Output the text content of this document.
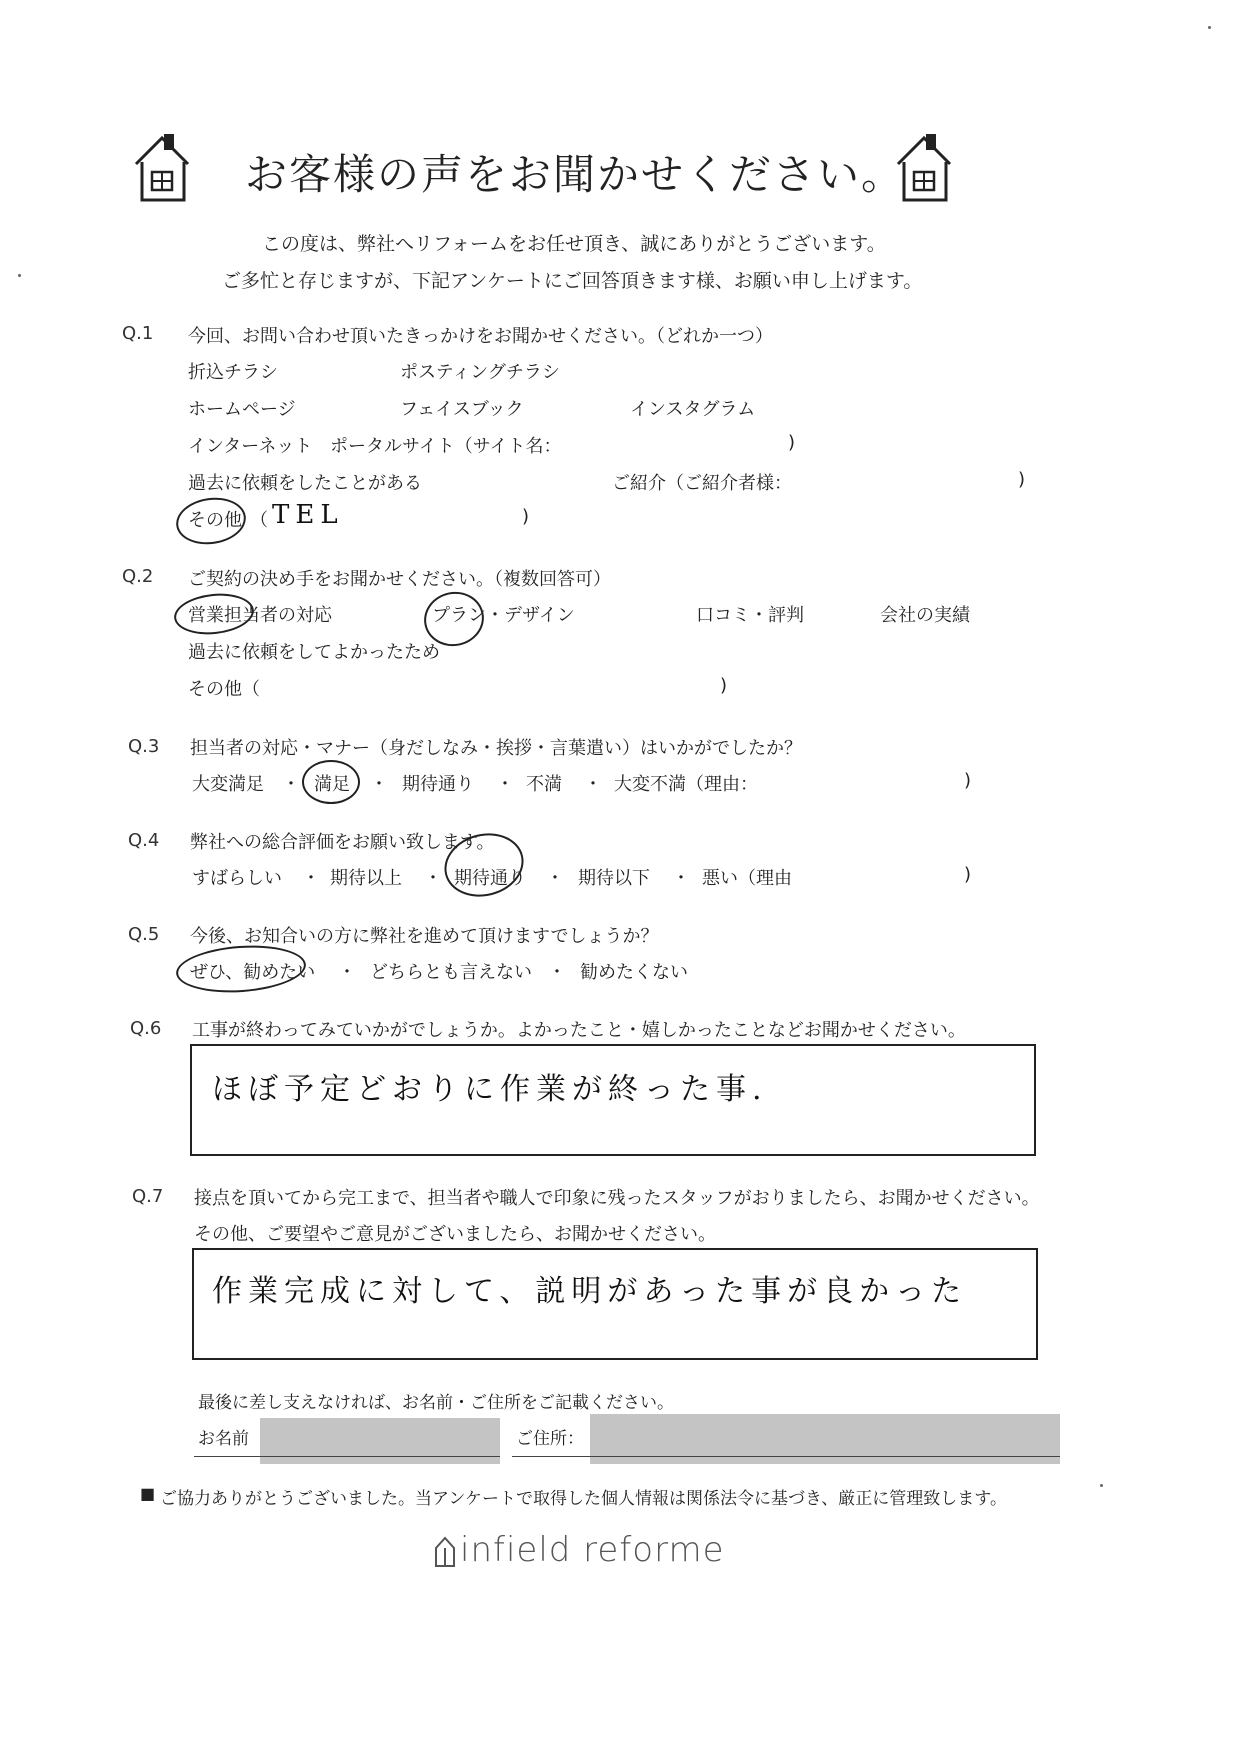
お客様の声をお聞かせください。
この度は、弊社へリフォームをお任せ頂き、誠にありがとうございます。
ご多忙と存じますが、下記アンケートにご回答頂きます様、お願い申し上げます。
Q.1 今回、お問い合わせ頂いたきっかけをお聞かせください。（どれか一つ）
折込チラシ	ポスティングチラシ
ホームページ	フェイスブック	インスタグラム
インターネット ポータルサイト（サイト名：	)
過去に依頼をしたことがある	ご紹介（ご紹介者様：	)
その他 （ TEL	)
Q.2 ご契約の決め手をお聞かせください。（複数回答可）
営業担当者の対応	プラン・デザイン	口コミ・評判	会社の実績
過去に依頼をしてよかったため
その他（	)
Q.3 担当者の対応・マナー（身だしなみ・挨拶・言葉遣い）はいかがでしたか？
大変満足 ・ 満足 ・ 期待通り ・ 不満 ・ 大変不満（理由：	)
Q.4 弊社への総合評価をお願い致します。
すばらしい ・ 期待以上 ・ 期待通り ・ 期待以下 ・ 悪い（理由	)
Q.5 今後、お知合いの方に弊社を進めて頂けますでしょうか？
ぜひ、勧めたい ・ どちらとも言えない ・ 勧めたくない
Q.6 工事が終わってみていかがでしょうか。よかったこと・嬉しかったことなどお聞かせください。
ほぼ予定どおりに作業が終った事.
Q.7 接点を頂いてから完工まで、担当者や職人で印象に残ったスタッフがおりましたら、お聞かせください。
その他、ご要望やご意見がございましたら、お聞かせください。
作業完成に対して、説明があった事が良かった
最後に差し支えなければ、お名前・ご住所をご記載ください。
お名前	ご住所：
■ ご協力ありがとうございました。当アンケートで取得した個人情報は関係法令に基づき、厳正に管理致します。
infield reforme
